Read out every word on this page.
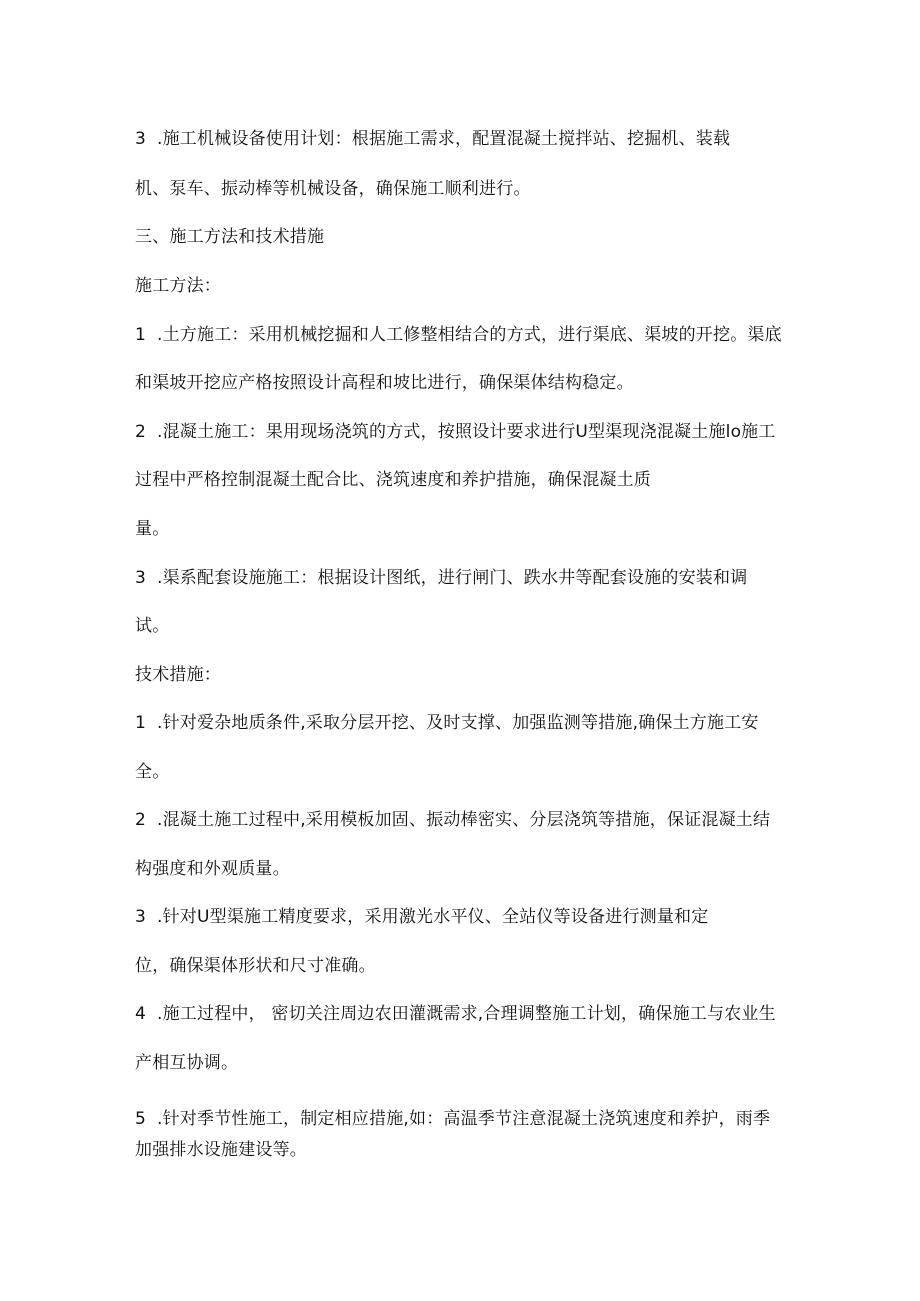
3 .施工机械设备使用计划：根据施工需求，配置混凝土搅拌站、挖掘机、装载
机、泵车、振动棒等机械设备，确保施工顺利进行。
三、施工方法和技术措施
施工方法：
1 .土方施工：采用机械挖掘和人工修整相结合的方式，进行渠底、渠坡的开挖。渠底
和渠坡开挖应产格按照设计高程和坡比进行，确保渠体结构稳定。
2 .混凝土施工：果用现场浇筑的方式，按照设计要求进行U型渠现浇混凝土施lo施工
过程中严格控制混凝土配合比、浇筑速度和养护措施，确保混凝土质
量。
3 .渠系配套设施施工：根据设计图纸，进行闸门、跌水井等配套设施的安装和调
试。
技术措施：
1 .针对爱杂地质条件,采取分层开挖、及时支撑、加强监测等措施,确保土方施工安
全。
2 .混凝土施工过程中,采用模板加固、振动棒密实、分层浇筑等措施，保证混凝土结
构强度和外观质量。
3 .针对U型渠施工精度要求，采用激光水平仪、全站仪等设备进行测量和定
位，确保渠体形状和尺寸准确。
4 .施工过程中， 密切关注周边农田灌溉需求,合理调整施工计划，确保施工与农业生
产相互协调。
5 .针对季节性施工，制定相应措施,如：高温季节注意混凝土浇筑速度和养护，雨季
加强排水设施建设等。
